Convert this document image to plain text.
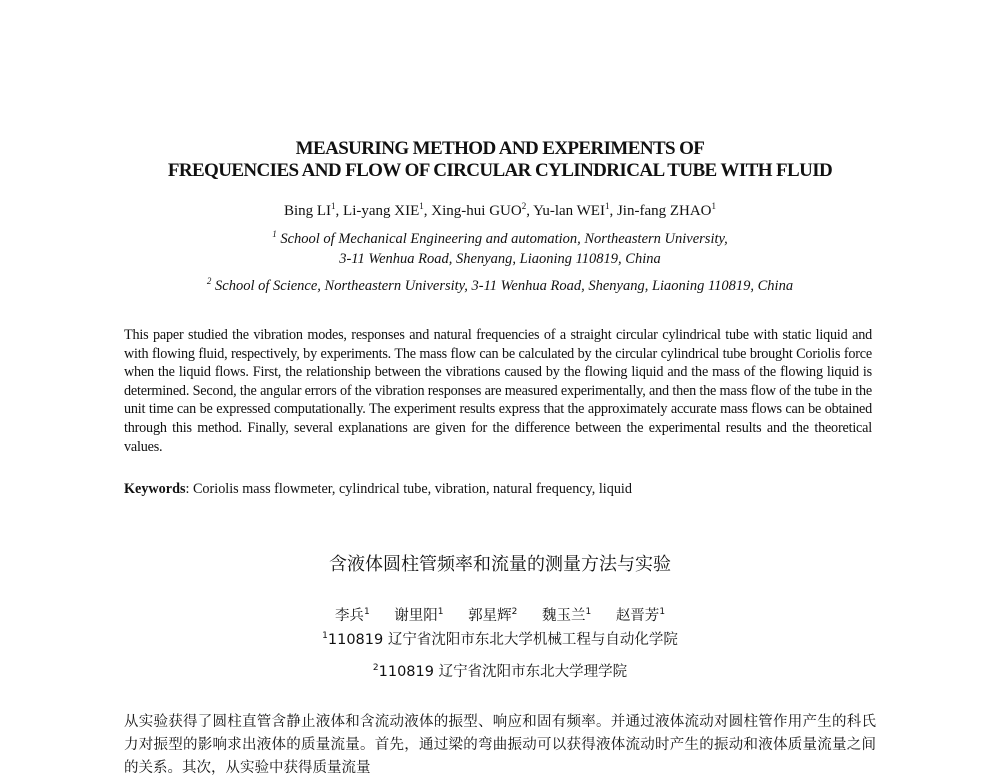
MEASURING METHOD AND EXPERIMENTS OF
FREQUENCIES AND FLOW OF CIRCULAR CYLINDRICAL TUBE WITH FLUID
Bing $LI^1$, Li-yang XIE$^1$, Xing-hui GUO$^2$, Yu-lan WEI$^1$, Jin-fang ZHAO$^1$
$^1$ School of Mechanical Engineering and automation, Northeastern University,
3-11 Wenhua Road, Shenyang, Liaoning 110819, China
$^2$ School of Science, Northeastern University, 3-11 Wenhua Road, Shenyang, Liaoning 110819, China

This paper studied the vibration modes, responses and natural frequencies of a straight circular cylindrical tube with static liquid and with flowing fluid, respectively, by experiments. The mass flow can be calculated by the circular cylindrical tube brought Coriolis force when the liquid flows. First, the relationship between the vibrations caused by the flowing liquid and the mass of the flowing liquid is determined. Second, the angular errors of the vibration responses are measured experimentally, and then the mass flow of the tube in the unit time can be expressed computationally. The experiment results express that the approximately accurate mass flows can be obtained through this method. Finally, several explanations are given for the difference between the experimental results and the theoretical values.

Keywords: Coriolis mass flowmeter, cylindrical tube, vibration, natural frequency, liquid
含液体圆柱管频率和流量的测量方法与实验
李兵$^1$ 谢里阳$^1$ 郭星辉$^2$ 魏玉兰$^1$ 赵晋芳$^1$
$^1$110819 辽宁省沈阳市东北大学机械工程与自动化学院
$^2$110819 辽宁省沈阳市东北大学理学院

从实验获得了圆柱直管含静止液体和含流动液体的振型、响应和固有频率。并通过液体流动对圆柱管作用产生的科氏力对振型的影响求出液体的质量流量。首先，通过梁的弯曲振动可以获得液体流动时产生的振动和液体质量流量之间的关系。其次，从实验中获得质量流量
